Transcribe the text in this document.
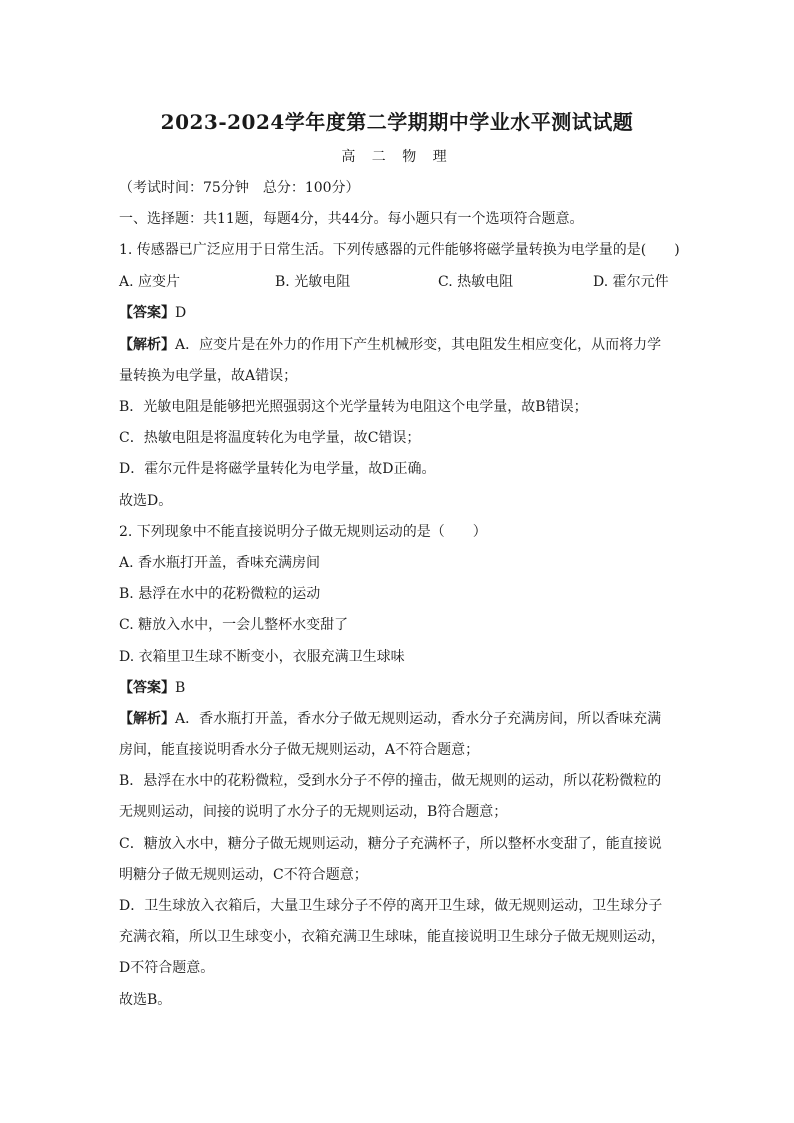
2023-2024学年度第二学期期中学业水平测试试题
高 二 物 理
（考试时间：75分钟　总分：100分）
一、选择题：共11题，每题4分，共44分。每小题只有一个选项符合题意。
1. 传感器已广泛应用于日常生活。下列传感器的元件能够将磁学量转换为电学量的是(　　)
A. 应变片	B. 光敏电阻	C. 热敏电阻	D. 霍尔元件
【答案】D
【解析】A．应变片是在外力的作用下产生机械形变，其电阻发生相应变化，从而将力学
量转换为电学量，故A错误；
B．光敏电阻是能够把光照强弱这个光学量转为电阻这个电学量，故B错误；
C．热敏电阻是将温度转化为电学量，故C错误；
D．霍尔元件是将磁学量转化为电学量，故D正确。
故选D。
2. 下列现象中不能直接说明分子做无规则运动的是（　　）
A. 香水瓶打开盖，香味充满房间
B. 悬浮在水中的花粉微粒的运动
C. 糖放入水中，一会儿整杯水变甜了
D. 衣箱里卫生球不断变小，衣服充满卫生球味
【答案】B
【解析】A．香水瓶打开盖，香水分子做无规则运动，香水分子充满房间，所以香味充满
房间，能直接说明香水分子做无规则运动，A不符合题意；
B．悬浮在水中的花粉微粒，受到水分子不停的撞击，做无规则的运动，所以花粉微粒的
无规则运动，间接的说明了水分子的无规则运动，B符合题意；
C．糖放入水中，糖分子做无规则运动，糖分子充满杯子，所以整杯水变甜了，能直接说
明糖分子做无规则运动，C不符合题意；
D．卫生球放入衣箱后，大量卫生球分子不停的离开卫生球，做无规则运动，卫生球分子
充满衣箱，所以卫生球变小，衣箱充满卫生球味，能直接说明卫生球分子做无规则运动，
D不符合题意。
故选B。
